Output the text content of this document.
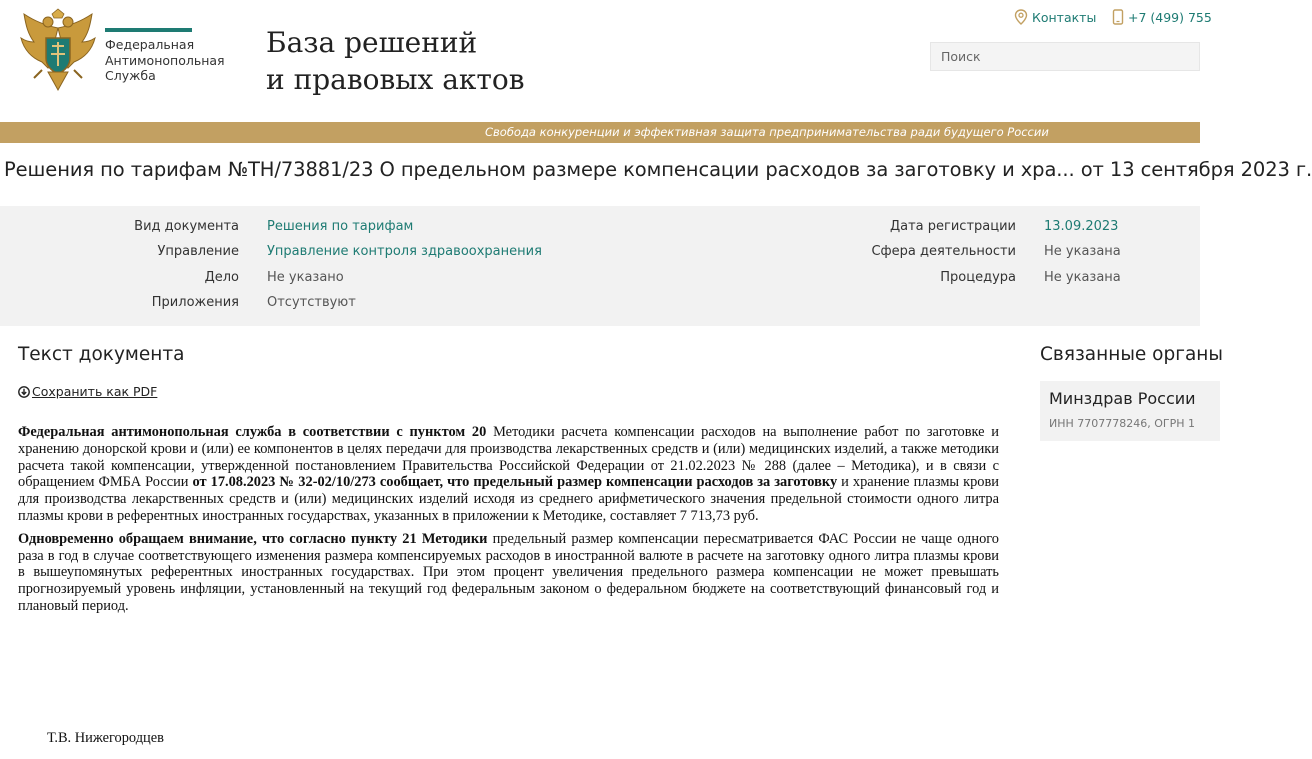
Федеральная
Антимонопольная
Служба
База решений
и правовых актов
Контакты	+7 (499) 755
Поиск
Свобода конкуренции и эффективная защита предпринимательства ради будущего России
Решения по тарифам №ТН/73881/23 О предельном размере компенсации расходов за заготовку и хра... от 13 сентября 2023 г.
Вид документа Решения по тарифам	Дата регистрации 13.09.2023
Управление Управление контроля здравоохранения	Сфера деятельности Не указана
Дело Не указано	Процедура Не указана
Приложения Отсутствуют
Текст документа
Сохранить как PDF

Федеральная антимонопольная служба в соответствии с пунктом 20 Методики расчета компенсации расходов на выполнение работ по заготовке и хранению донорской крови и (или) ее компонентов в целях передачи для производства лекарственных средств и (или) медицинских изделий, а также методики расчета такой компенсации, утвержденной постановлением Правительства Российской Федерации от 21.02.2023 № 288 (далее – Методика), и в связи с обращением ФМБА России от 17.08.2023 № 32-02/10/273 сообщает, что предельный размер компенсации расходов за заготовку и хранение плазмы крови для производства лекарственных средств и (или) медицинских изделий исходя из среднего арифметического значения предельной стоимости одного литра плазмы крови в референтных иностранных государствах, указанных в приложении к Методике, составляет 7 713,73 руб.

Одновременно обращаем внимание, что согласно пункту 21 Методики предельный размер компенсации пересматривается ФАС России не чаще одного раза в год в случае соответствующего изменения размера компенсируемых расходов в иностранной валюте в расчете на заготовку одного литра плазмы крови в вышеупомянутых референтных иностранных государствах. При этом процент увеличения предельного размера компенсации не может превышать прогнозируемый уровень инфляции, установленный на текущий год федеральным законом о федеральном бюджете на соответствующий финансовый год и плановый период.

Т.В. Нижегородцев
Связанные органы
Минздрав России
ИНН 7707778246, ОГРН 1
